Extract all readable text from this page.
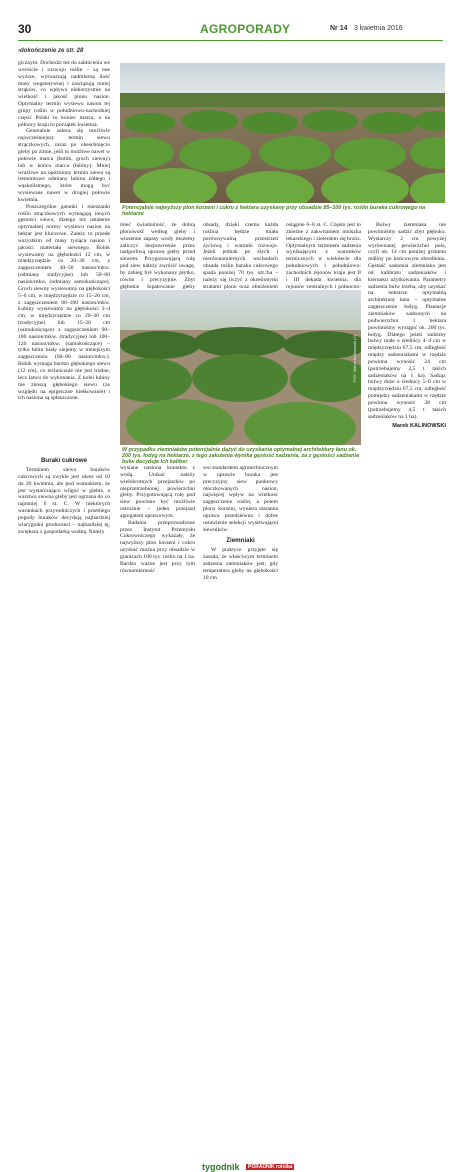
30	AGROPORADY	Nr 14 3 kwietnia 2016
›dokończenie ze str. 28

giczny​m. Dochodzi też do zakłóceń​ia we wzroście i rozwoju roślin – są one wyższe, wytwarzają nadmierną ilość masy wegetatywnej i zawiązują mniej strąków, co wpływa niekorzystnie na wielkość i jakość plonu nasion. Optymalny termin wysiewu nasion tej grupy roślin w południowo-zachodniej części Polski to koniec marca, a na północy kraju to początek kwietnia.

Generalnie zaleca się możliwie najwcześniejszy termin siewu strączkowych, zaraz po obeschnięciu gleby po zimie, jeśli to możliwe nawet w połowie marca (bobik, groch siewny) lub w końcu marca (łubiny). Mniej wrażliwe na opóźniony termin siewu są tremontowe odmiany łubinu żółtego i wąskolistnego, które mogą być wysiewane nawet w drugiej połowie kwietnia.

Poszczególne gatunki i mieszanki roślin strączkowych wymagają innych gęstości siewu, dlatego też ustalenie optymalnej normy wysiewu nasion na hektar jest kluczowe. Zależy to przede wszystkim od masy tysiąca nasion i jakości materiału siewnego. Bobik wysiewamy na głębokości 12 cm, w międzyrzędzie co 20–30 cm, z zagęszczeniem 40–50 nasion/mkw. (odmiany tradycyjne) lub 50–60 nasion/mkw. (odmiany samokończące). Groch siewny wysiewamy na głębokości 5–6 cm, w międzyrzędzie co 15–20 cm, z zagęszczeniem 80–100 nasion/mkw. Łubiny wysiewamy na głębokości 3–4 cm, w międzyrzędzie co 20–30 cm (tradycyjne) lub 15–20 cm (samokończące) z zagęszczeniem 90–100 nasion/mkw. (tradycyjne) lub 100–120 nasion/mkw. (samokończące) – tylko łubin biały siejemy w mniejszym zagęszczeniu (60–80 nasion/mkw.). Bobik wymaga bardzo głębokiego siewu (12 cm), co technicznie nie jest trudne, lecz latwo do wykonania. Z kolei łubiny nie znoszą głębokiego siewu (ze względu na epigeiczne kiełkowanie) i ich nasiona są spłaszczone.

Buraki cukrowe

Terminem siewu buraków cukrowych są zwykle jest okres od 10 do 20 kwietnia, ale pod warunkiem, że jest wystarczająco wilgoć w glebie, a warstwa siewna gleby jest ogrzana do co najmniej 6 st. C. W niektórych warunkach przyrodniczych i przebiegu pogody buraków decydują najbardziej wiarygodni producenci – najbardziej tę, zwiększa z gospodarką wodną. Należy

Potencjalnie najwyższy plon korzeni i cukru z hektara uzyskany przy obsadzie 85–100 tys. roślin buraka cukrowego na hektarze

mieć świadomość, że dobrą plonowość według gleby i wiosenne zapasy wody możemy zaliczyć bezpowrotnie przez nadgorliwą uprawę gleby przed siewem. Przygotowującą rolę pod siew należy zwrócić uwagę, by zabieg był wykonany płytko, równo i precyzyjnie. Zbyt głębokie łopatowanie gleby

obsady, dzięki czemu każda roślina będzie miała porównywalną przestrzeń życiową i warunki rozwoju. Jeżeli jednak po złych i nierównomiernych wschodach obsada roślin buraka cukrowego spada poniżej 70 tys. szt./ha – należy się liczyć z określonymi stratami plonu oraz obniżeniem

osiągnie 6–8 st. C. Często jest to zbieżne z zakwitaniem mniszka lekarskiego i zieleniem się brzóz. Optymalnym terminem sadzenia wynikającym z warunków termicznych w wielolecie dla południowych i południowo-zachodnich rejonów kraju jest II i III dekada kwietnia, dla rejonów centralnych i północno-

Bulwy ziemniaka nie powinniśmy sadzić zbyt głęboko. Wystarczy 2 cm powyżej wyrównanej powierzchni pola, czyli ok. 14 cm poniżej grzbietu redliny po końcowym obredleniu. Gęstość sadzenia ziemniaka jest od kalibratu sadzeniaków i kierunku użytkowania. Parametry sadzenia bulw trzeba, aby uzyskać na hektarze optymalną architekturę łanu – optymalne zagęszczenie łodyg. Plantacje ziemniaków sadzonych na podwierzchni 1 hektara powinniśmy wystąpić ok. 200 tys. łodyg. Dlatego jeżeli sadzimy bulwy małe o średnicy 4–4 cm w międzyrzędziu 67,5 cm, odległość między sadzeniakami w rzędzie powinna wynosić 24 cm (potrzebujemy 2,5 t takich sadzeniaków na 1 ha). Sadząc bulwy duże o średnicy 5–6 cm w międzyrzędziu 67,5 cm, odległość pomiędzy sadzeniakami w rzędzie powinna wynosić 38 cm (potrzebujemy 4,5 t takich sadzeniaków na 1 ha).

Marek KALINOWSKI
FOT. Marek Kalinowski (2)
W przypadku ziemniaków potencjalnie dążyć do uzyskania optymalnej architektury łanu ok. 200 tys. łodyg na hektarze, z tego założenia wynika gęstość sadzenia, za z gęstości sadzenia bulw decyduje ich kaliber

wysiane nasiona kontaktu z wodą. Unikać należy wielokrotnych przejazdów po nieprzetrzebionej powierzchni gleby. Przygotowującą rolę pod siew powinno być możliwie ostrożnie – jeden przejazd agregatem uprawowym.

Badania przeprowadzone przez Instytut Przemysłu Cukrowniczego wykazały, że najwyższy plon korzeni i cukru uzyskać można przy obsadzie w granicach 100 tys. roślin na 1 ha. Bardzo ważne jest przy tym równomierność

wsi standardem agrotechnicznym w uprawie buraka jest precyzyjny siew punktowy otoczkowanych nasion, najwięcej wpływ na wielkość zagęszczenie roślin, a potem plony korzeni, wyniera staranna uprawa przedsiewna i dobre ustawienie selekcji wysiewającej siewników.

Ziemniaki

W praktyce przyjęte się zasada, że właściwym terminem sadzenia ziemniaków jest, gdy temperatura gleby na głębokości 10 cm

tygodnik	PORADNIK rolnika
